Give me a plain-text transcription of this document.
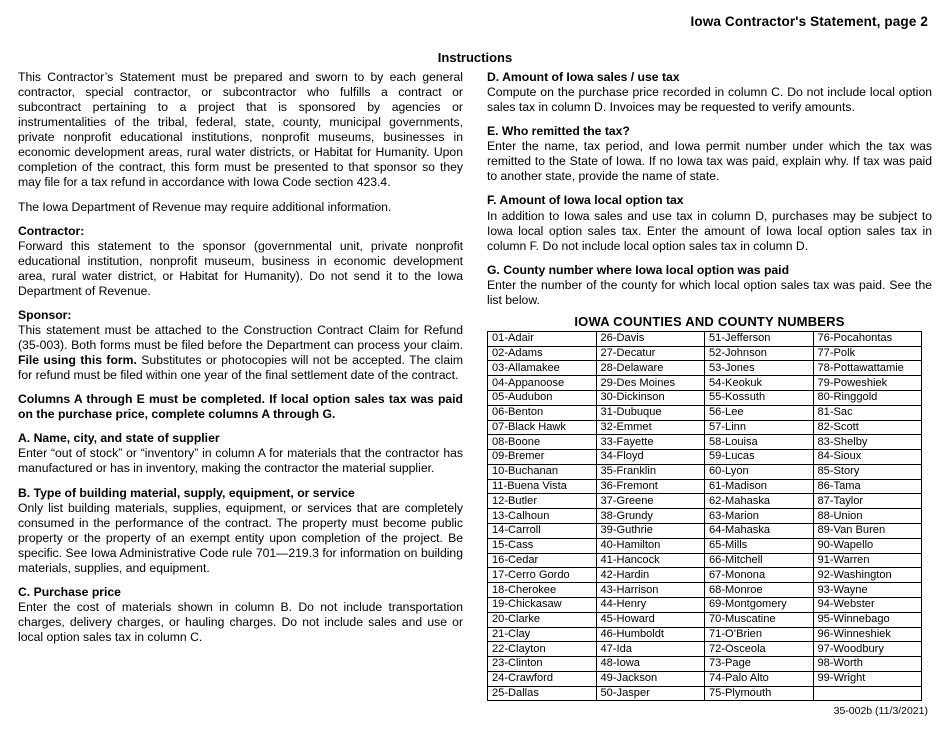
Iowa Contractor's Statement, page 2
Instructions

This Contractor’s Statement must be prepared and sworn to by each general contractor, special contractor, or subcontractor who fulfills a contract or subcontract pertaining to a project that is sponsored by agencies or instrumentalities of the tribal, federal, state, county, municipal governments, private nonprofit educational institutions, nonprofit museums, businesses in economic development areas, rural water districts, or Habitat for Humanity. Upon completion of the contract, this form must be presented to that sponsor so they may file for a tax refund in accordance with Iowa Code section 423.4.

The Iowa Department of Revenue may require additional information.

Contractor:

Forward this statement to the sponsor (governmental unit, private nonprofit educational institution, nonprofit museum, business in economic development area, rural water district, or Habitat for Humanity). Do not send it to the Iowa Department of Revenue.

Sponsor:

This statement must be attached to the Construction Contract Claim for Refund (35-003). Both forms must be filed before the Department can process your claim. File using this form. Substitutes or photocopies will not be accepted. The claim for refund must be filed within one year of the final settlement date of the contract.

Columns A through E must be completed. If local option sales tax was paid on the purchase price, complete columns A through G.

A. Name, city, and state of supplier

Enter “out of stock” or “inventory” in column A for materials that the contractor has manufactured or has in inventory, making the contractor the material supplier.

B. Type of building material, supply, equipment, or service

Only list building materials, supplies, equipment, or services that are completely consumed in the performance of the contract. The property must become public property or the property of an exempt entity upon completion of the project. Be specific. See Iowa Administrative Code rule 701—219.3 for information on building materials, supplies, and equipment.

C. Purchase price

Enter the cost of materials shown in column B. Do not include transportation charges, delivery charges, or hauling charges. Do not include sales and use or local option sales tax in column C.

D. Amount of Iowa sales / use tax

Compute on the purchase price recorded in column C. Do not include local option sales tax in column D. Invoices may be requested to verify amounts.

E. Who remitted the tax?

Enter the name, tax period, and Iowa permit number under which the tax was remitted to the State of Iowa. If no Iowa tax was paid, explain why. If tax was paid to another state, provide the name of state.

F. Amount of Iowa local option tax

In addition to Iowa sales and use tax in column D, purchases may be subject to Iowa local option sales tax. Enter the amount of Iowa local option sales tax in column F. Do not include local option sales tax in column D.

G. County number where Iowa local option was paid

Enter the number of the county for which local option sales tax was paid. See the list below.

IOWA COUNTIES AND COUNTY NUMBERS
01-Adair	26-Davis	51-Jefferson	76-Pocahontas
02-Adams	27-Decatur	52-Johnson	77-Polk
03-Allamakee	28-Delaware	53-Jones	78-Pottawattamie
04-Appanoose	29-Des Moines	54-Keokuk	79-Poweshiek
05-Audubon	30-Dickinson	55-Kossuth	80-Ringgold
06-Benton	31-Dubuque	56-Lee	81-Sac
07-Black Hawk	32-Emmet	57-Linn	82-Scott
08-Boone	33-Fayette	58-Louisa	83-Shelby
09-Bremer	34-Floyd	59-Lucas	84-Sioux
10-Buchanan	35-Franklin	60-Lyon	85-Story
11-Buena Vista	36-Fremont	61-Madison	86-Tama
12-Butler	37-Greene	62-Mahaska	87-Taylor
13-Calhoun	38-Grundy	63-Marion	88-Union
14-Carroll	39-Guthrie	64-Mahaska	89-Van Buren
15-Cass	40-Hamilton	65-Mills	90-Wapello
16-Cedar	41-Hancock	66-Mitchell	91-Warren
17-Cerro Gordo	42-Hardin	67-Monona	92-Washington
18-Cherokee	43-Harrison	68-Monroe	93-Wayne
19-Chickasaw	44-Henry	69-Montgomery	94-Webster
20-Clarke	45-Howard	70-Muscatine	95-Winnebago
21-Clay	46-Humboldt	71-O’Brien	96-Winneshiek
22-Clayton	47-Ida	72-Osceola	97-Woodbury
23-Clinton	48-Iowa	73-Page	98-Worth
24-Crawford	49-Jackson	74-Palo Alto	99-Wright
25-Dallas	50-Jasper	75-Plymouth	
35-002b (11/3/2021)
